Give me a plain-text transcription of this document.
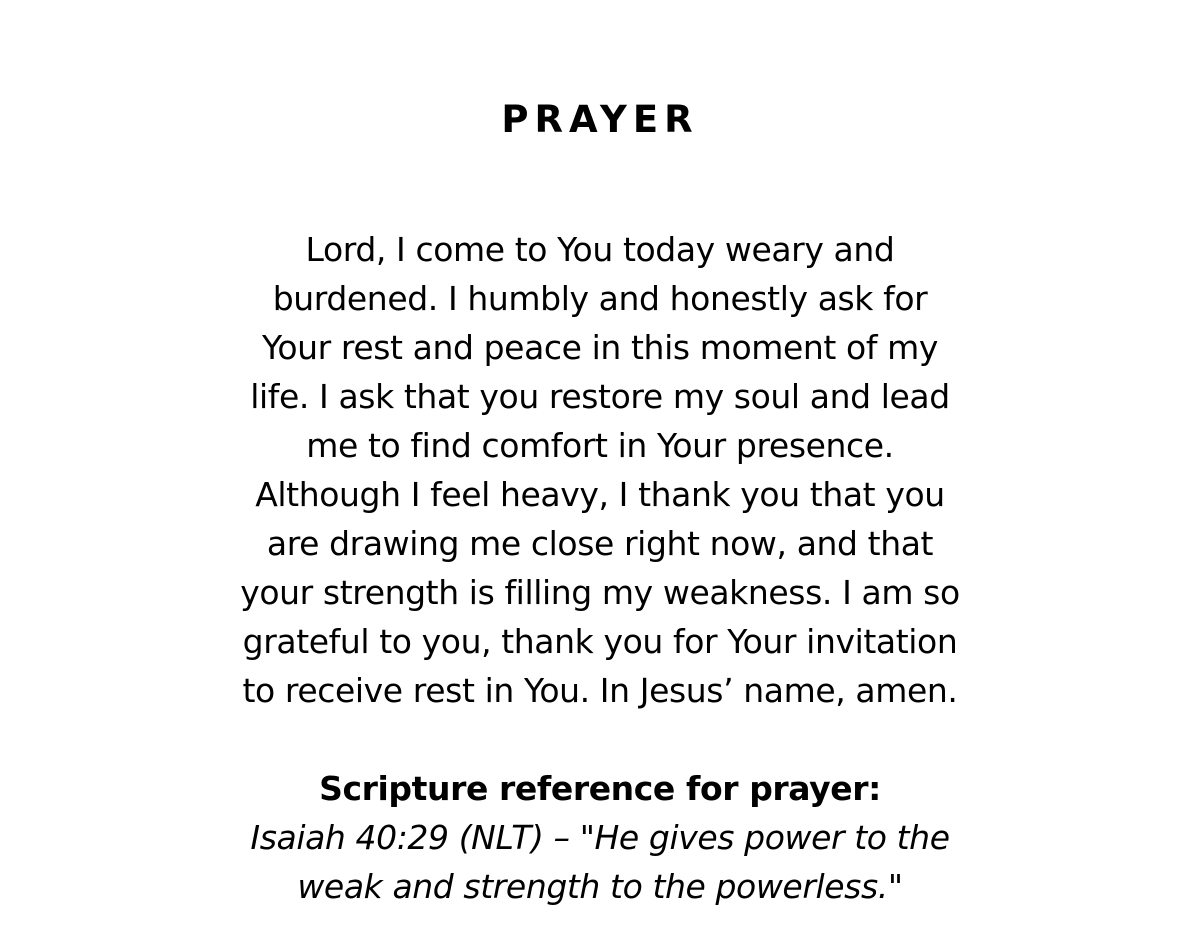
PRAYER
Lord, I come to You today weary and
burdened. I humbly and honestly ask for
Your rest and peace in this moment of my
life. I ask that you restore my soul and lead
me to find comfort in Your presence.
Although I feel heavy, I thank you that you
are drawing me close right now, and that
your strength is filling my weakness. I am so
grateful to you, thank you for Your invitation
to receive rest in You. In Jesus’ name, amen.
Scripture reference for prayer:
Isaiah 40:29 (NLT) – "He gives power to the
weak and strength to the powerless."
